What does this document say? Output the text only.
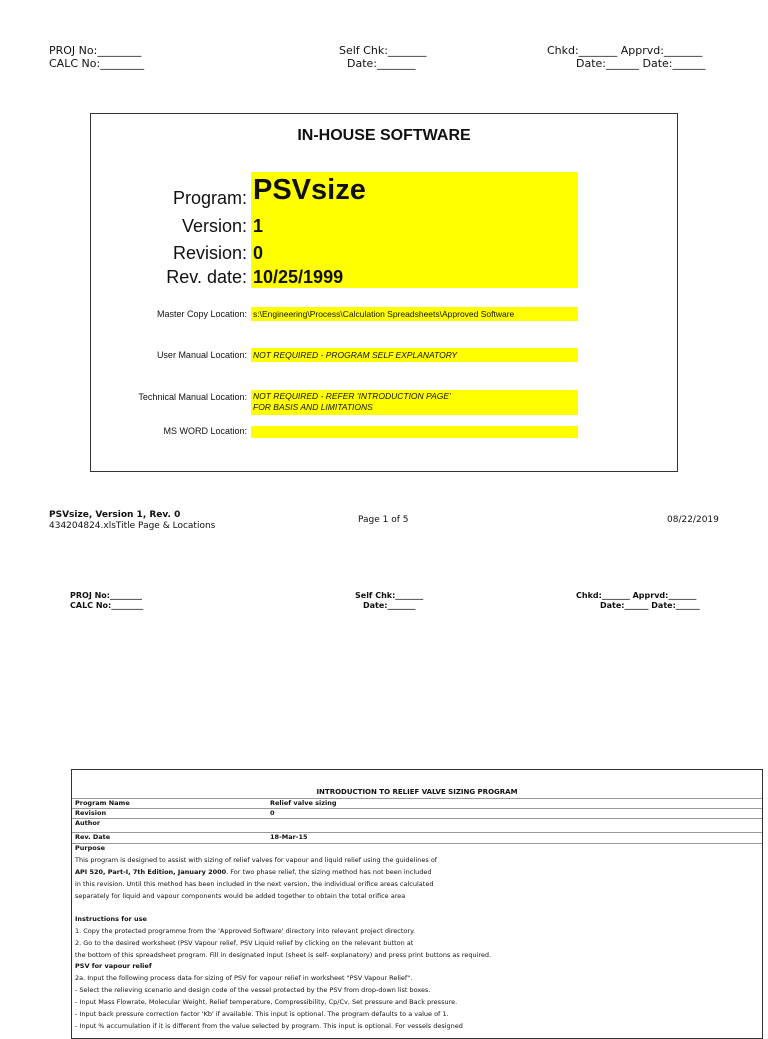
PROJ No:________
CALC No:________
Self Chk:_______
Date:_______
Chkd:_______ Apprvd:_______
Date:______ Date:______
IN-HOUSE SOFTWARE
Program: PSVsize
Version: 1
Revision: 0
Rev. date: 10/25/1999
Master Copy Location: s:\Engineering\Process\Calculation Spreadsheets\Approved Software
User Manual Location: NOT REQUIRED - PROGRAM SELF EXPLANATORY
Technical Manual Location: NOT REQUIRED - REFER 'INTRODUCTION PAGE'
FOR BASIS AND LIMITATIONS
MS WORD Location:
PSVsize, Version 1, Rev. 0
434204824.xlsTitle Page & Locations
Page 1 of 5	08/22/2019
PROJ No:________
CALC No:________
Self Chk:_______
Date:_______
Chkd:_______ Apprvd:_______
Date:______ Date:______
INTRODUCTION TO RELIEF VALVE SIZING PROGRAM
Program Name	Relief valve sizing
Revision	0
Author
Rev. Date	18-Mar-15
Purpose
This program is designed to assist with sizing of relief valves for vapour and liquid relief using the guidelines of
API 520, Part-I, 7th Edition, January 2000. For two phase relief, the sizing method has not been included
in this revision. Until this method has been included in the next version, the individual orifice areas calculated
separately for liquid and vapour components would be added together to obtain the total orifice area
Instructions for use
1. Copy the protected programme from the 'Approved Software' directory into relevant project directory.
2. Go to the desired worksheet (PSV Vapour relief, PSV Liquid relief by clicking on the relevant button at
the bottom of this spreadsheet program. Fill in designated input (sheet is self- explanatory) and press print buttons as required.
PSV for vapour relief
2a. Input the following process data for sizing of PSV for vapour relief in worksheet "PSV Vapour Relief".
- Select the relieving scenario and design code of the vessel protected by the PSV from drop-down list boxes.
- Input Mass Flowrate, Molecular Weight, Relief temperature, Compressibility, Cp/Cv, Set pressure and Back pressure.
- Input back pressure correction factor 'Kb' if available. This input is optional. The program defaults to a value of 1.
- Input % accumulation if it is different from the value selected by program. This input is optional. For vessels designed
